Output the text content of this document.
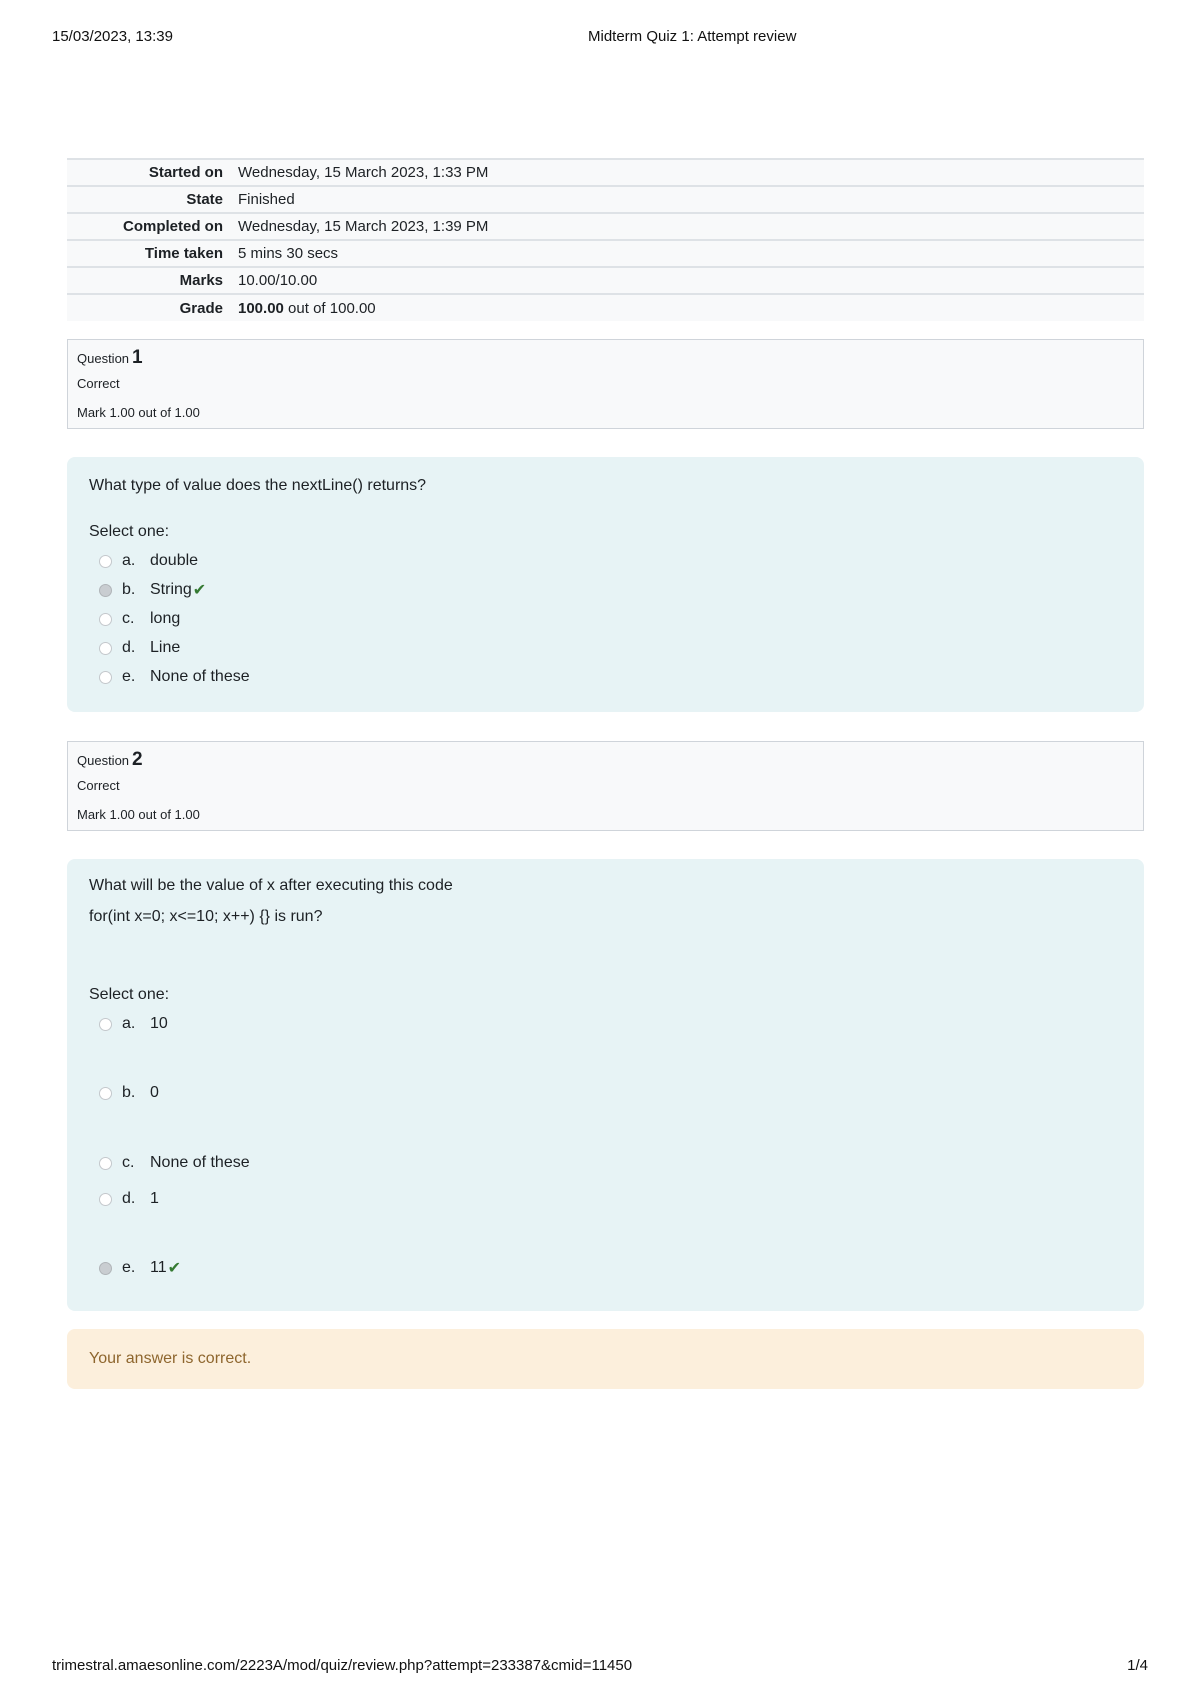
15/03/2023, 13:39	Midterm Quiz 1: Attempt review
Started on	Wednesday, 15 March 2023, 1:33 PM
State	Finished
Completed on	Wednesday, 15 March 2023, 1:39 PM
Time taken	5 mins 30 secs
Marks	10.00/10.00
Grade	100.00 out of 100.00
Question 1
Correct
Mark 1.00 out of 1.00

What type of value does the nextLine() returns?

Select one:
a. double
b. String ✔
c. long
d. Line
e. None of these
Question 2
Correct
Mark 1.00 out of 1.00

What will be the value of x after executing this code

for(int x=0; x<=10; x++) {} is run?

Select one:
a. 10
b. 0
c. None of these
d. 1
e. 11 ✔
Your answer is correct.
trimestral.amaesonline.com/2223A/mod/quiz/review.php?attempt=233387&cmid=11450	1/4
